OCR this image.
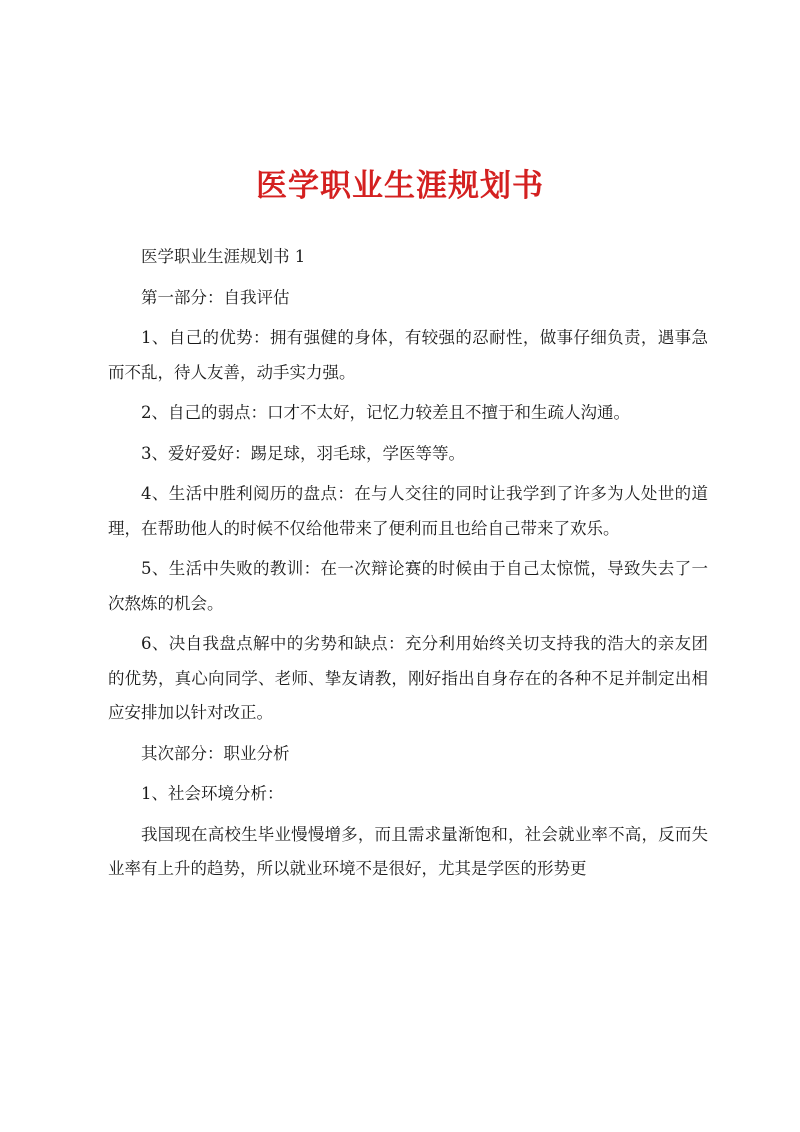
医学职业生涯规划书

医学职业生涯规划书 1

第一部分：自我评估

1、自己的优势：拥有强健的身体，有较强的忍耐性，做事仔细负责，遇事急而不乱，待人友善，动手实力强。

2、自己的弱点：口才不太好，记忆力较差且不擅于和生疏人沟通。

3、爱好爱好：踢足球，羽毛球，学医等等。

4、生活中胜利阅历的盘点：在与人交往的同时让我学到了许多为人处世的道理，在帮助他人的时候不仅给他带来了便利而且也给自己带来了欢乐。

5、生活中失败的教训：在一次辩论赛的时候由于自己太惊慌，导致失去了一次熬炼的机会。

6、决自我盘点解中的劣势和缺点：充分利用始终关切支持我的浩大的亲友团的优势，真心向同学、老师、挚友请教，刚好指出自身存在的各种不足并制定出相应安排加以针对改正。

其次部分：职业分析

1、社会环境分析：

我国现在高校生毕业慢慢增多，而且需求量渐饱和，社会就业率不高，反而失业率有上升的趋势，所以就业环境不是很好，尤其是学医的形势更
